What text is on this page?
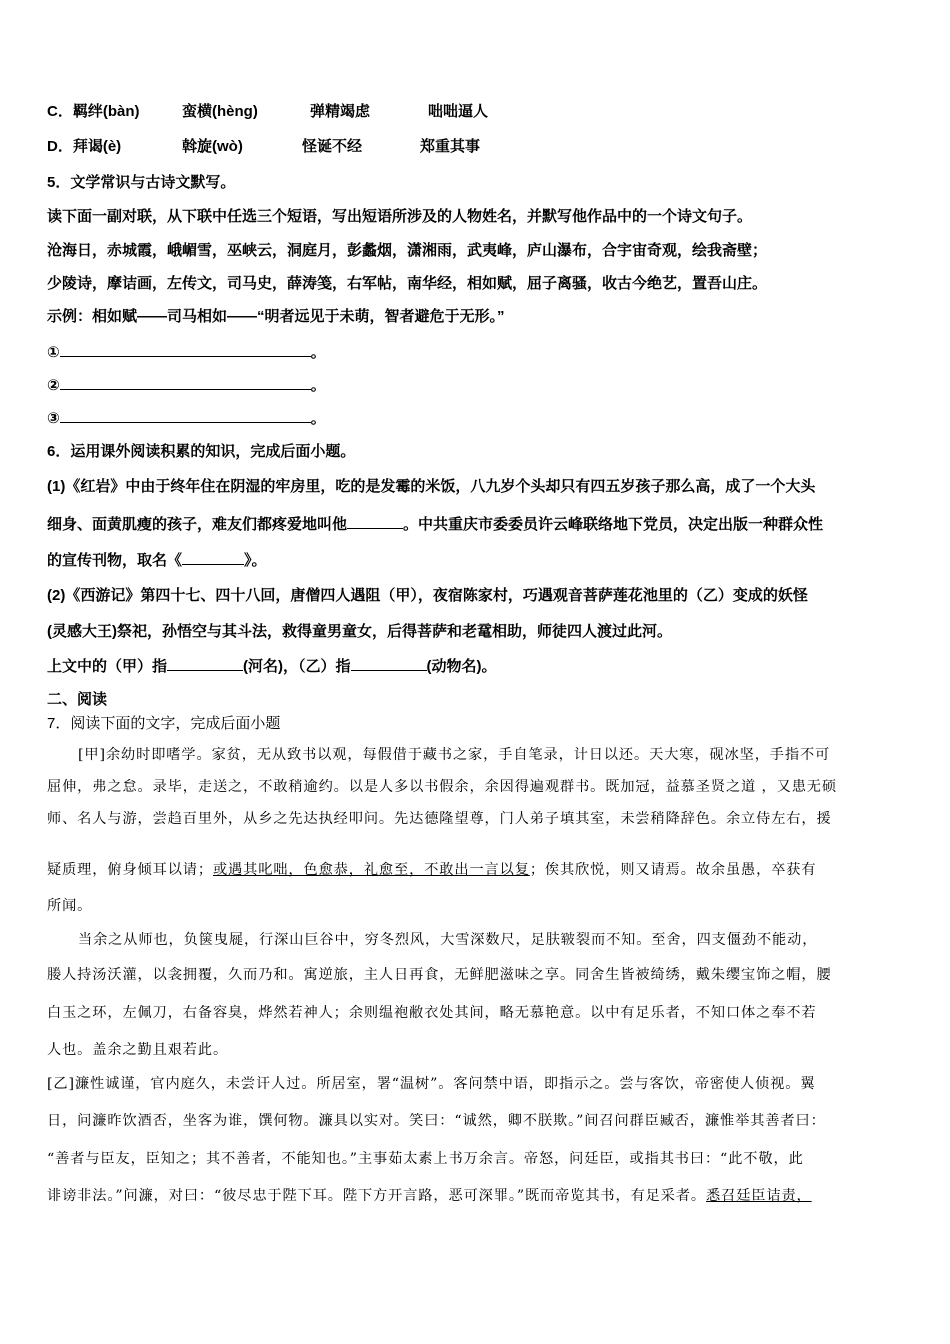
C．羁绊(bàn)	蛮横(hèng)	弹精竭虑	咄咄逼人
D．拜谒(è)	斡旋(wò)	怪诞不经	郑重其事
5．文学常识与古诗文默写。
读下面一副对联，从下联中任选三个短语，写出短语所涉及的人物姓名，并默写他作品中的一个诗文句子。
沧海日，赤城霞，峨嵋雪，巫峡云，洞庭月，彭蠡烟，潇湘雨，武夷峰，庐山瀑布，合宇宙奇观，绘我斋壁；
少陵诗，摩诘画，左传文，司马史，薛涛笺，右军帖，南华经，相如赋，屈子离骚，收古今绝艺，置吾山庄。
示例：相如赋——司马相如——“明者远见于未萌，智者避危于无形。”
①	。
②	。
③	。
6．运用课外阅读积累的知识，完成后面小题。
(1)《红岩》中由于终年住在阴湿的牢房里，吃的是发霉的米饭，八九岁个头却只有四五岁孩子那么高，成了一个大头
细身、面黄肌瘦的孩子，难友们都疼爱地叫他	。中共重庆市委委员许云峰联络地下党员，决定出版一种群众性
的宣传刊物，取名《	》。
(2)《西游记》第四十七、四十八回，唐僧四人遇阻（甲），夜宿陈家村，巧遇观音菩萨莲花池里的（乙）变成的妖怪
(灵感大王)祭祀，孙悟空与其斗法，救得童男童女，后得菩萨和老鼋相助，师徒四人渡过此河。
上文中的（甲）指	(河名)，（乙）指	(动物名)。
二、阅读
7．阅读下面的文字，完成后面小题
[甲]余幼时即嗜学。家贫，无从致书以观，每假借于藏书之家，手自笔录，计日以还。天大寒，砚冰坚，手指不可
屈伸，弗之怠。录毕，走送之，不敢稍逾约。以是人多以书假余，余因得遍观群书。既加冠，益慕圣贤之道 ，又患无硕
师、名人与游，尝趋百里外，从乡之先达执经叩问。先达德隆望尊，门人弟子填其室，未尝稍降辞色。余立侍左右，援
疑质理，俯身倾耳以请；或遇其叱咄，色愈恭，礼愈至，不敢出一言以复；俟其欣悦，则又请焉。故余虽愚，卒获有
所闻。
当余之从师也，负箧曳屣，行深山巨谷中，穷冬烈风，大雪深数尺，足肤皲裂而不知。至舍，四支僵劲不能动，
媵人持汤沃灌，以衾拥覆，久而乃和。寓逆旅，主人日再食，无鲜肥滋味之享。同舍生皆被绮绣，戴朱缨宝饰之帽，腰
白玉之环，左佩刀，右备容臭，烨然若神人；余则缊袍敝衣处其间，略无慕艳意。以中有足乐者，不知口体之奉不若
人也。盖余之勤且艰若此。
[乙]濂性诚谨，官内庭久，未尝讦人过。所居室，署“温树”。客问禁中语，即指示之。尝与客饮，帝密使人侦视。翼
日，问濂昨饮酒否，坐客为谁，馔何物。濂具以实对。笑曰：“诚然，卿不朕欺。”间召问群臣臧否，濂惟举其善者曰：
“善者与臣友，臣知之；其不善者，不能知也。”主事茹太素上书万余言。帝怒，问廷臣，或指其书曰：“此不敬，此
诽谤非法。”问濂，对曰：“彼尽忠于陛下耳。陛下方开言路，恶可深罪。”既而帝览其书，有足采者。悉召廷臣诘责，
